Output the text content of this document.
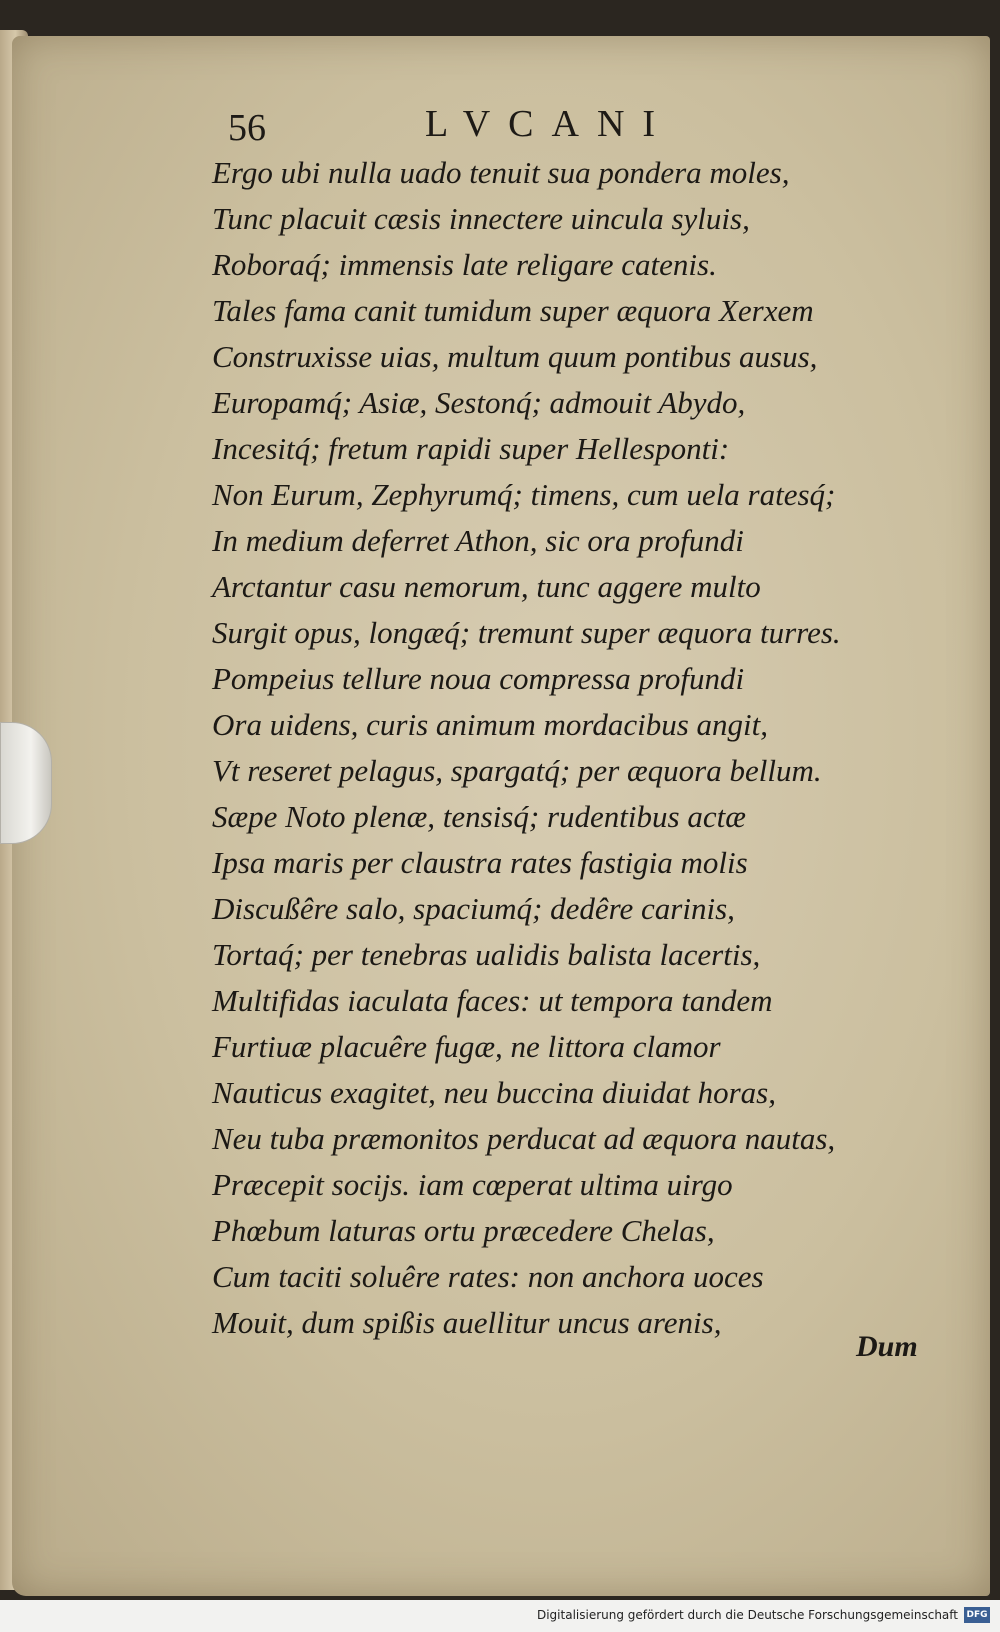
56	LVCANI
Ergo ubi nulla uado tenuit sua pondera moles,
Tunc placuit cæsis innectere uincula syluis,
Roboraq́; immensis late religare catenis.
Tales fama canit tumidum super æquora Xerxem
Construxisse uias, multum quum pontibus ausus,
Europamq́; Asiæ, Sestonq́; admouit Abydo,
Incesitq́; fretum rapidi super Hellesponti:
Non Eurum, Zephyrumq́; timens, cum uela ratesq́;
In medium deferret Athon, sic ora profundi
Arctantur casu nemorum, tunc aggere multo
Surgit opus, longæq́; tremunt super æquora turres.
Pompeius tellure noua compressa profundi
Ora uidens, curis animum mordacibus angit,
Vt reseret pelagus, spargatq́; per æquora bellum.
Sæpe Noto plenæ, tensisq́; rudentibus actæ
Ipsa maris per claustra rates fastigia molis
Discußêre salo, spaciumq́; dedêre carinis,
Tortaq́; per tenebras ualidis balista lacertis,
Multifidas iaculata faces: ut tempora tandem
Furtiuæ placuêre fugæ, ne littora clamor
Nauticus exagitet, neu buccina diuidat horas,
Neu tuba præmonitos perducat ad æquora nautas,
Præcepit socijs. iam cœperat ultima uirgo
Phœbum laturas ortu præcedere Chelas,
Cum taciti soluêre rates: non anchora uoces
Mouit, dum spißis auellitur uncus arenis,
Dum
Digitalisierung gefördert durch die Deutsche Forschungsgemeinschaft DFG
